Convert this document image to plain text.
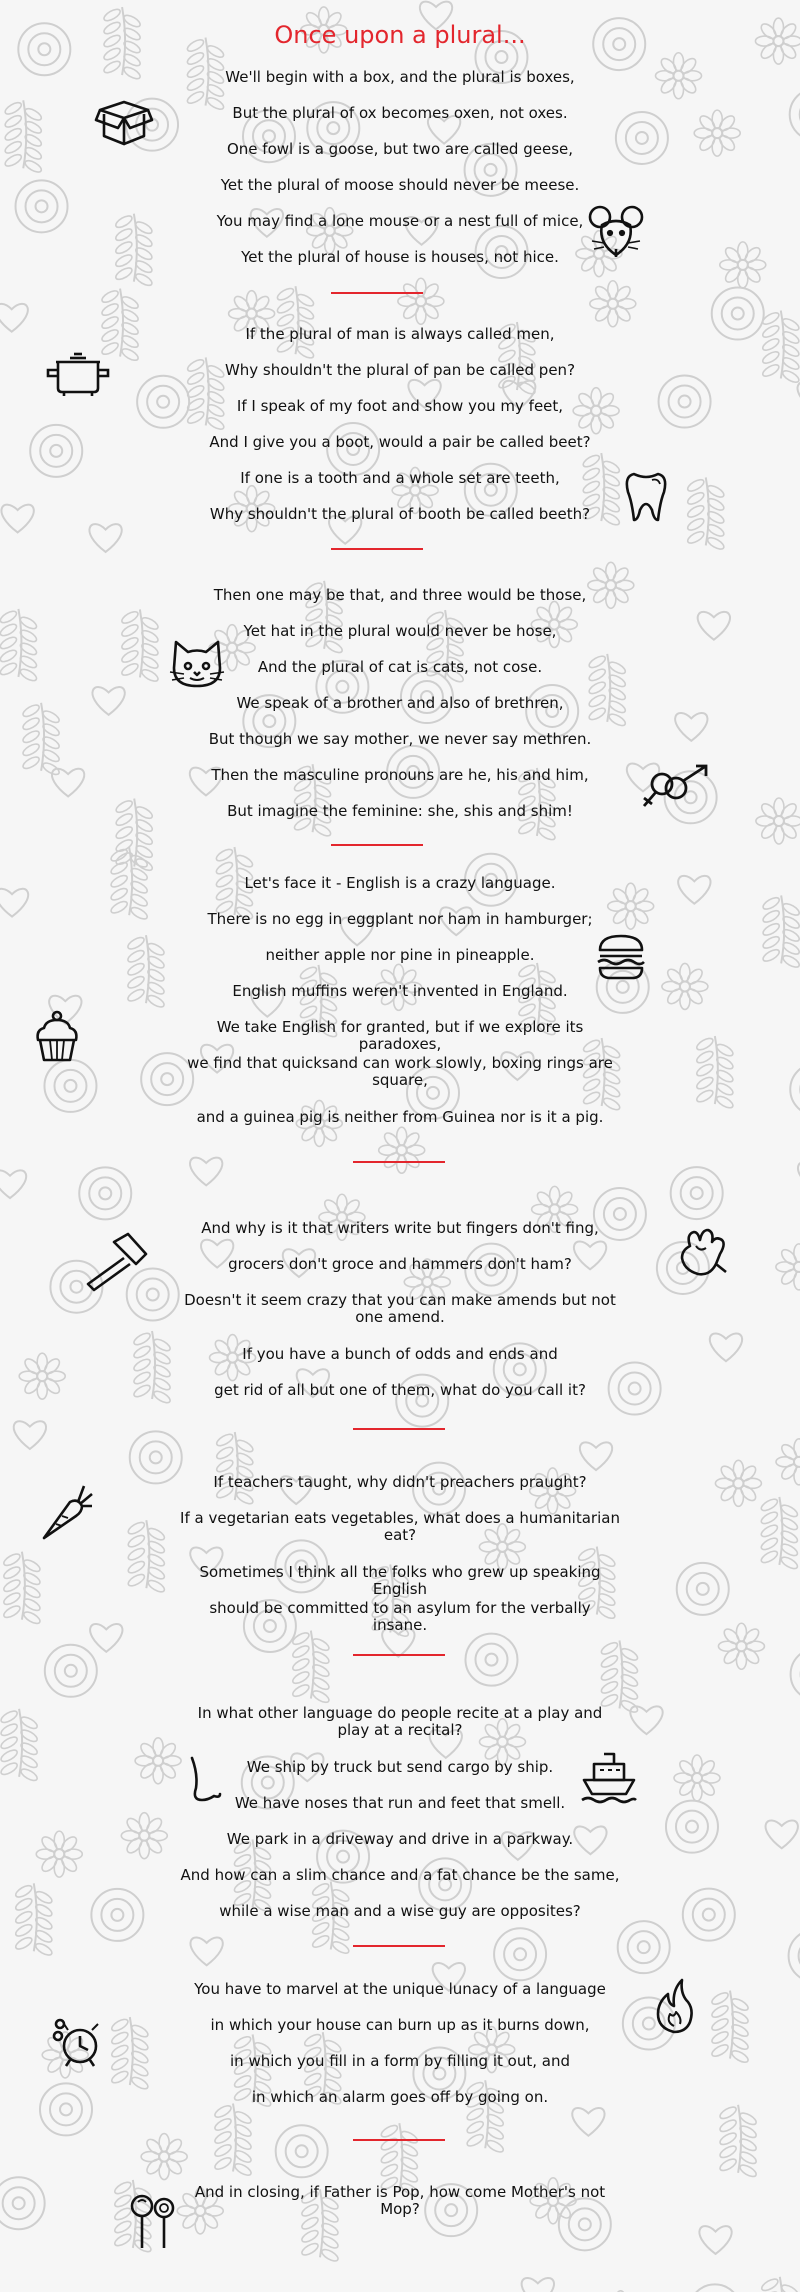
Once upon a plural...
We'll begin with a box, and the plural is boxes,
But the plural of ox becomes oxen, not oxes.
One fowl is a goose, but two are called geese,
Yet the plural of moose should never be meese.
You may find a lone mouse or a nest full of mice,
Yet the plural of house is houses, not hice.
If the plural of man is always called men,
Why shouldn't the plural of pan be called pen?
If I speak of my foot and show you my feet,
And I give you a boot, would a pair be called beet?
If one is a tooth and a whole set are teeth,
Why shouldn't the plural of booth be called beeth?
Then one may be that, and three would be those,
Yet hat in the plural would never be hose,
And the plural of cat is cats, not cose.
We speak of a brother and also of brethren,
But though we say mother, we never say methren.
Then the masculine pronouns are he, his and him,
But imagine the feminine: she, shis and shim!
Let's face it - English is a crazy language.
There is no egg in eggplant nor ham in hamburger;
neither apple nor pine in pineapple.
English muffins weren't invented in England.
We take English for granted, but if we explore its paradoxes,
we find that quicksand can work slowly, boxing rings are square,
and a guinea pig is neither from Guinea nor is it a pig.
And why is it that writers write but fingers don't fing,
grocers don't groce and hammers don't ham?
Doesn't it seem crazy that you can make amends but not one amend.
If you have a bunch of odds and ends and
get rid of all but one of them, what do you call it?
If teachers taught, why didn't preachers praught?
If a vegetarian eats vegetables, what does a humanitarian eat?
Sometimes I think all the folks who grew up speaking English
should be committed to an asylum for the verbally insane.
In what other language do people recite at a play and play at a recital?
We ship by truck but send cargo by ship.
We have noses that run and feet that smell.
We park in a driveway and drive in a parkway.
And how can a slim chance and a fat chance be the same,
while a wise man and a wise guy are opposites?
You have to marvel at the unique lunacy of a language
in which your house can burn up as it burns down,
in which you fill in a form by filling it out, and
in which an alarm goes off by going on.
And in closing, if Father is Pop, how come Mother's not Mop?
